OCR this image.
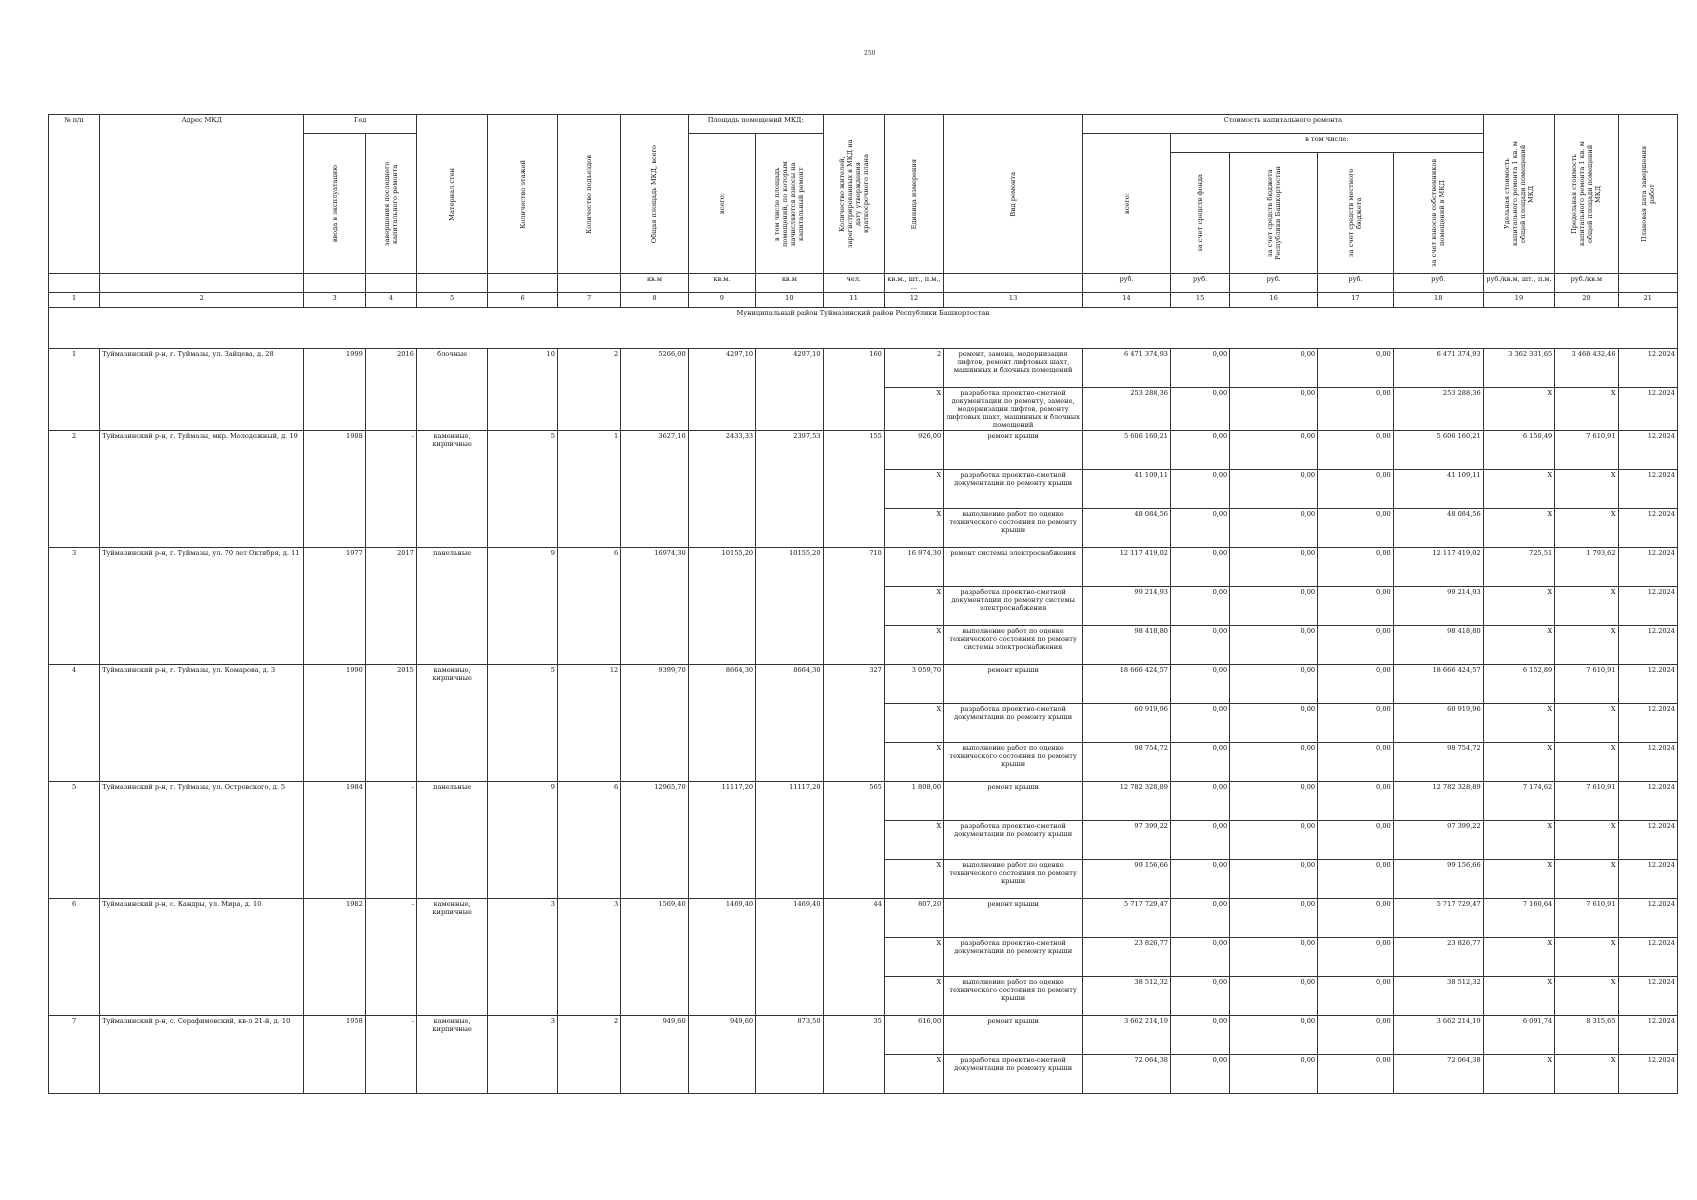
250
№ п/п	Адрес МКД	Год		Материал стен	Количество этажей	Количество подъездов	Общая площадь МКД, всего	Площадь помещений МКД:		Количество жителей, зарегистрированных в МКД на дату утверждения краткосрочного плана	Единица измерения	Вид ремонта	Стоимость капитального ремонта					Удельная стоимость капитального ремонта 1 кв. м общей площади помещений МКД	Предельная стоимость капитального ремонта 1 кв. м общей площади помещений МКД	Плановая дата завершения работ

		ввода в эксплуатацию	завершения последнего капитального ремонта					всего:	в том числе площадь помещений, по которым начисляются взносы на капитальный ремонт				всего:	в том числе:						

														за счет средств фонда	за счет средств бюджета Республики Башкортостан	за счет средств местного бюджета	за счет взносов собственников помещений в МКД			

							кв.м	кв.м.	кв.м	чел.	кв.м., шт., п.м., ...		руб.	руб.	руб.	руб.	руб.	руб./кв.м, шт., п.м.	руб./кв.м	
1	2	3	4	5	6	7	8	9	10	11	12	13	14	15	16	17	18	19	20	21
Муниципальный район Туймазинский район Республики Башкортостан																				
1	Туймазинский р-н, г. Туймазы, ул. Зайцева, д. 28	1999	2016	блочные	10	2	5266,00	4297,10	4297,10	160	2	ремонт, замена, модернизация лифтов, ремонт лифтовых шахт, машинных и блочных помещений	6 471 374,93	0,00	0,00	0,00	6 471 374,93	3 362 331,65	3 468 432,46	12.2024
											X	разработка проектно-сметной документации по ремонту, замене, модернизации лифтов, ремонту лифтовых шахт, машинных и блочных помещений	253 288,36	0,00	0,00	0,00	253 288,36	X	X	12.2024
2	Туймазинский р-н, г. Туймазы, мкр. Молодежный, д. 19	1988	-	каменные, кирпичные	5	1	3627,10	2433,33	2397,53	155	926,00	ремонт крыши	5 606 160,21	0,00	0,00	0,00	5 606 160,21	6 150,49	7 610,91	12.2024
											X	разработка проектно-сметной документации по ремонту крыши	41 109,11	0,00	0,00	0,00	41 109,11	X	X	12.2024
											X	выполнение работ по оценке технического состояния по ремонту крыши	48 084,56	0,00	0,00	0,00	48 084,56	X	X	12.2024
3	Туймазинский р-н, г. Туймазы, ул. 70 лет Октября, д. 11	1977	2017	панельные	9	6	16974,30	10155,20	10155,20	710	16 974,30	ремонт системы электроснабжения	12 117 419,02	0,00	0,00	0,00	12 117 419,02	725,51	1 793,62	12.2024
											X	разработка проектно-сметной документации по ремонту системы электроснабжения	99 214,93	0,00	0,00	0,00	99 214,93	X	X	12.2024
											X	выполнение работ по оценке технического состояния по ремонту системы электроснабжения	98 418,80	0,00	0,00	0,00	98 418,80	X	X	12.2024
4	Туймазинский р-н, г. Туймазы, ул. Комарова, д. 3	1990	2015	каменные, кирпичные	5	12	9399,70	8664,30	8664,30	327	3 059,70	ремонт крыши	18 666 424,57	0,00	0,00	0,00	18 666 424,57	6 152,89	7 610,91	12.2024
											X	разработка проектно-сметной документации по ремонту крыши	60 919,96	0,00	0,00	0,00	60 919,96	X	X	12.2024
											X	выполнение работ по оценке технического состояния по ремонту крыши	98 754,72	0,00	0,00	0,00	98 754,72	X	X	12.2024
5	Туймазинский р-н, г. Туймазы, ул. Островского, д. 5	1984	-	панельные	9	6	12965,70	11117,20	11117,20	565	1 808,00	ремонт крыши	12 782 328,89	0,00	0,00	0,00	12 782 328,89	7 174,62	7 610,91	12.2024
											X	разработка проектно-сметной документации по ремонту крыши	97 399,22	0,00	0,00	0,00	97 399,22	X	X	12.2024
											X	выполнение работ по оценке технического состояния по ремонту крыши	99 156,66	0,00	0,00	0,00	99 156,66	X	X	12.2024
6	Туймазинский р-н, с. Кандры, ул. Мира, д. 10	1982	-	каменные, кирпичные	3	3	1569,40	1469,40	1469,40	44	807,20	ремонт крыши	5 717 729,47	0,00	0,00	0,00	5 717 729,47	7 160,64	7 610,91	12.2024
											X	разработка проектно-сметной документации по ремонту крыши	23 826,77	0,00	0,00	0,00	23 826,77	X	X	12.2024
											X	выполнение работ по оценке технического состояния по ремонту крыши	38 512,32	0,00	0,00	0,00	38 512,32	X	X	12.2024
7	Туймазинский р-н, с. Серафимовский, кв-л 21-й, д. 10	1958	-	каменные, кирпичные	3	2	949,60	949,60	873,50	35	616,00	ремонт крыши	3 662 214,19	0,00	0,00	0,00	3 662 214,19	6 091,74	8 315,65	12.2024
											X	разработка проектно-сметной документации по ремонту крыши	72 064,38	0,00	0,00	0,00	72 064,38	X	X	12.2024
